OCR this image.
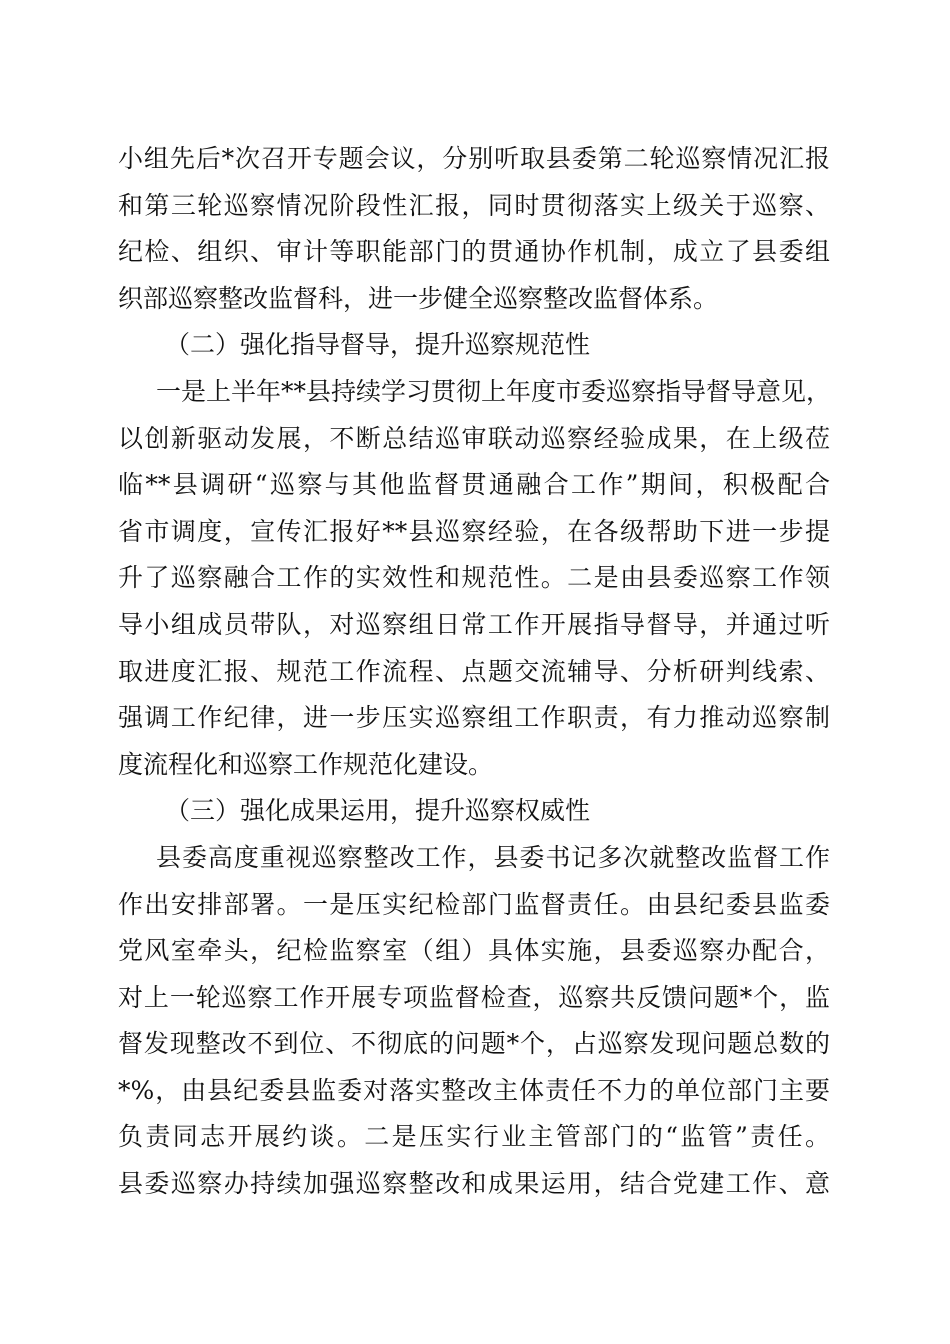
小组先后*次召开专题会议，分别听取县委第二轮巡察情况汇报
和第三轮巡察情况阶段性汇报，同时贯彻落实上级关于巡察、
纪检、组织、审计等职能部门的贯通协作机制，成立了县委组
织部巡察整改监督科，进一步健全巡察整改监督体系。
（二）强化指导督导，提升巡察规范性
一是上半年**县持续学习贯彻上年度市委巡察指导督导意见，
以创新驱动发展，不断总结巡审联动巡察经验成果，在上级莅
临**县调研“巡察与其他监督贯通融合工作”期间，积极配合
省市调度，宣传汇报好**县巡察经验，在各级帮助下进一步提
升了巡察融合工作的实效性和规范性。二是由县委巡察工作领
导小组成员带队，对巡察组日常工作开展指导督导，并通过听
取进度汇报、规范工作流程、点题交流辅导、分析研判线索、
强调工作纪律，进一步压实巡察组工作职责，有力推动巡察制
度流程化和巡察工作规范化建设。
（三）强化成果运用，提升巡察权威性
县委高度重视巡察整改工作，县委书记多次就整改监督工作
作出安排部署。一是压实纪检部门监督责任。由县纪委县监委
党风室牵头，纪检监察室（组）具体实施，县委巡察办配合，
对上一轮巡察工作开展专项监督检查，巡察共反馈问题*个，监
督发现整改不到位、不彻底的问题*个，占巡察发现问题总数的
*%，由县纪委县监委对落实整改主体责任不力的单位部门主要
负责同志开展约谈。二是压实行业主管部门的“监管”责任。
县委巡察办持续加强巡察整改和成果运用，结合党建工作、意
